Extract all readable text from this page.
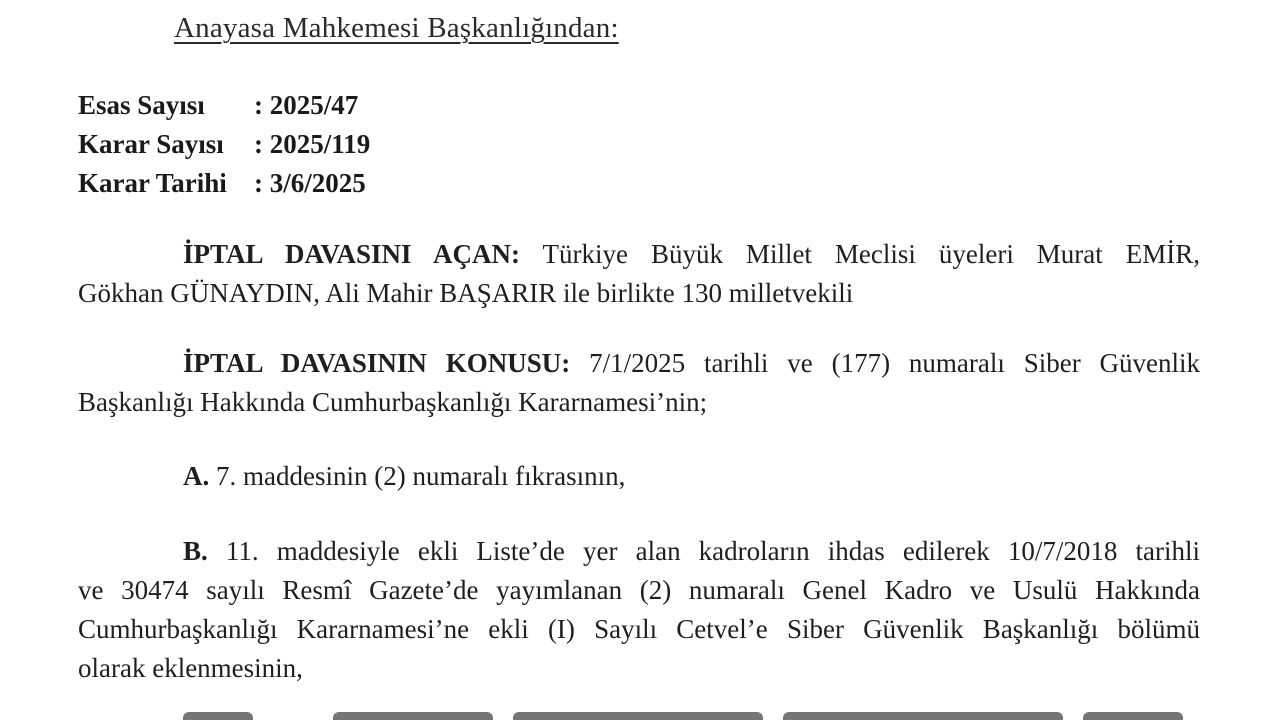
Anayasa Mahkemesi Başkanlığından:
Esas Sayısı	: 2025/47
Karar Sayısı	: 2025/119
Karar Tarihi	: 3/6/2025
İPTAL DAVASINI AÇAN: Türkiye Büyük Millet Meclisi üyeleri Murat EMİR,
Gökhan GÜNAYDIN, Ali Mahir BAŞARIR ile birlikte 130 milletvekili
İPTAL DAVASININ KONUSU: 7/1/2025 tarihli ve (177) numaralı Siber Güvenlik
Başkanlığı Hakkında Cumhurbaşkanlığı Kararnamesi’nin;
A. 7. maddesinin (2) numaralı fıkrasının,
B. 11. maddesiyle ekli Liste’de yer alan kadroların ihdas edilerek 10/7/2018 tarihli
ve 30474 sayılı Resmî Gazete’de yayımlanan (2) numaralı Genel Kadro ve Usulü Hakkında
Cumhurbaşkanlığı Kararnamesi’ne ekli (I) Sayılı Cetvel’e Siber Güvenlik Başkanlığı bölümü
olarak eklenmesinin,
